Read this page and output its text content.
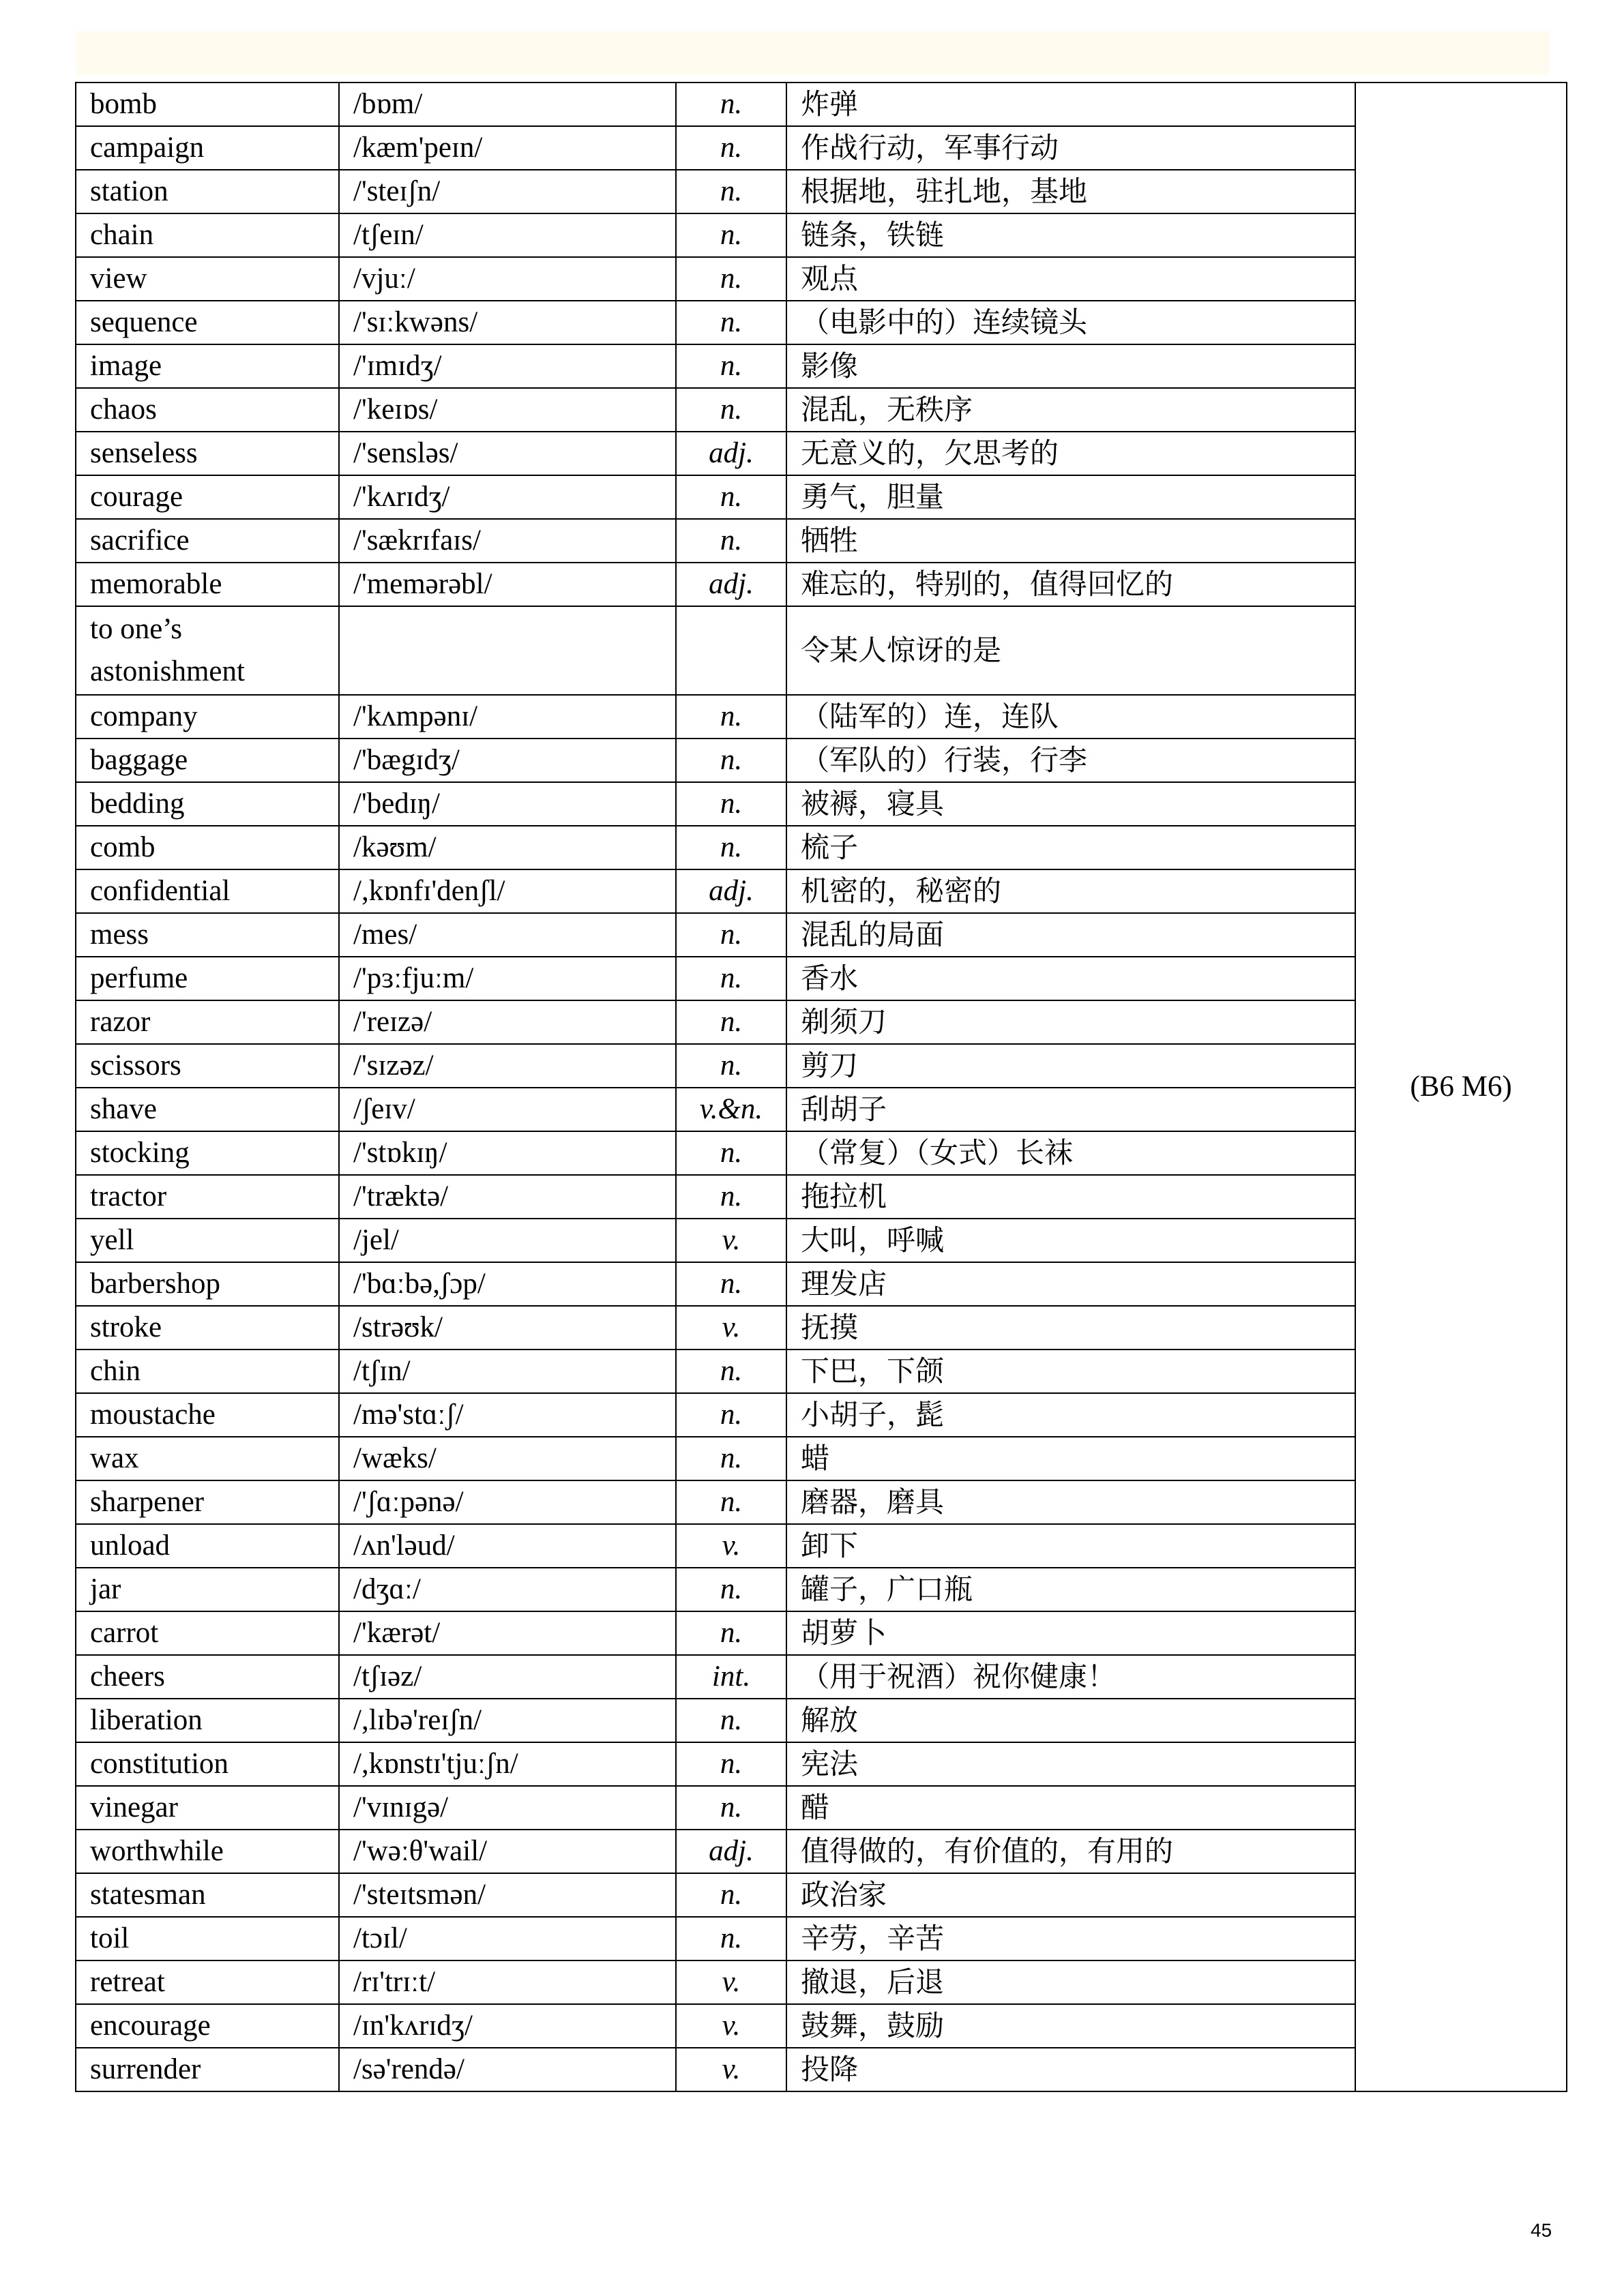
bomb	/bɒm/	n.	炸弹	(B6 M6)
campaign	/kæm'peɪn/	n.	作战行动，军事行动	
station	/'steɪʃn/	n.	根据地，驻扎地，基地	
chain	/tʃeɪn/	n.	链条，铁链	
view	/vjuː/	n.	观点	
sequence	/'sɪːkwəns/	n.	（电影中的）连续镜头	
image	/'ɪmɪdʒ/	n.	影像	
chaos	/'keɪɒs/	n.	混乱，无秩序	
senseless	/'sensləs/	adj.	无意义的，欠思考的	
courage	/'kʌrɪdʒ/	n.	勇气，胆量	
sacrifice	/'sækrɪfaɪs/	n.	牺牲	
memorable	/'memərəbl/	adj.	难忘的，特别的，值得回忆的	
to one’s astonishment			令某人惊讶的是	
company	/'kʌmpənɪ/	n.	（陆军的）连，连队	
baggage	/'bægɪdʒ/	n.	（军队的）行装，行李	
bedding	/'bedɪŋ/	n.	被褥，寝具	
comb	/kəʊm/	n.	梳子	
confidential	/,kɒnfɪ'denʃl/	adj.	机密的，秘密的	
mess	/mes/	n.	混乱的局面	
perfume	/'pɜːfjuːm/	n.	香水	
razor	/'reɪzə/	n.	剃须刀	
scissors	/'sɪzəz/	n.	剪刀	
shave	/ʃeɪv/	v.&n.	刮胡子	
stocking	/'stɒkɪŋ/	n.	（常复）（女式）长袜	
tractor	/'træktə/	n.	拖拉机	
yell	/jel/	v.	大叫，呼喊	
barbershop	/'bɑːbə,ʃɔp/	n.	理发店	
stroke	/strəʊk/	v.	抚摸	
chin	/tʃɪn/	n.	下巴，下颌	
moustache	/mə'stɑːʃ/	n.	小胡子，髭	
wax	/wæks/	n.	蜡	
sharpener	/'ʃɑːpənə/	n.	磨器，磨具	
unload	/ʌn'ləud/	v.	卸下	
jar	/dʒɑː/	n.	罐子，广口瓶	
carrot	/'kærət/	n.	胡萝卜	
cheers	/tʃɪəz/	int.	（用于祝酒）祝你健康！	
liberation	/,lɪbə'reɪʃn/	n.	解放	
constitution	/,kɒnstɪ'tjuːʃn/	n.	宪法	
vinegar	/'vɪnɪgə/	n.	醋	
worthwhile	/'wəːθ'wail/	adj.	值得做的，有价值的，有用的	
statesman	/'steɪtsmən/	n.	政治家	
toil	/tɔɪl/	n.	辛劳，辛苦	
retreat	/rɪ'trɪːt/	v.	撤退，后退	
encourage	/ɪn'kʌrɪdʒ/	v.	鼓舞，鼓励	
surrender	/sə'rendə/	v.	投降	
45
